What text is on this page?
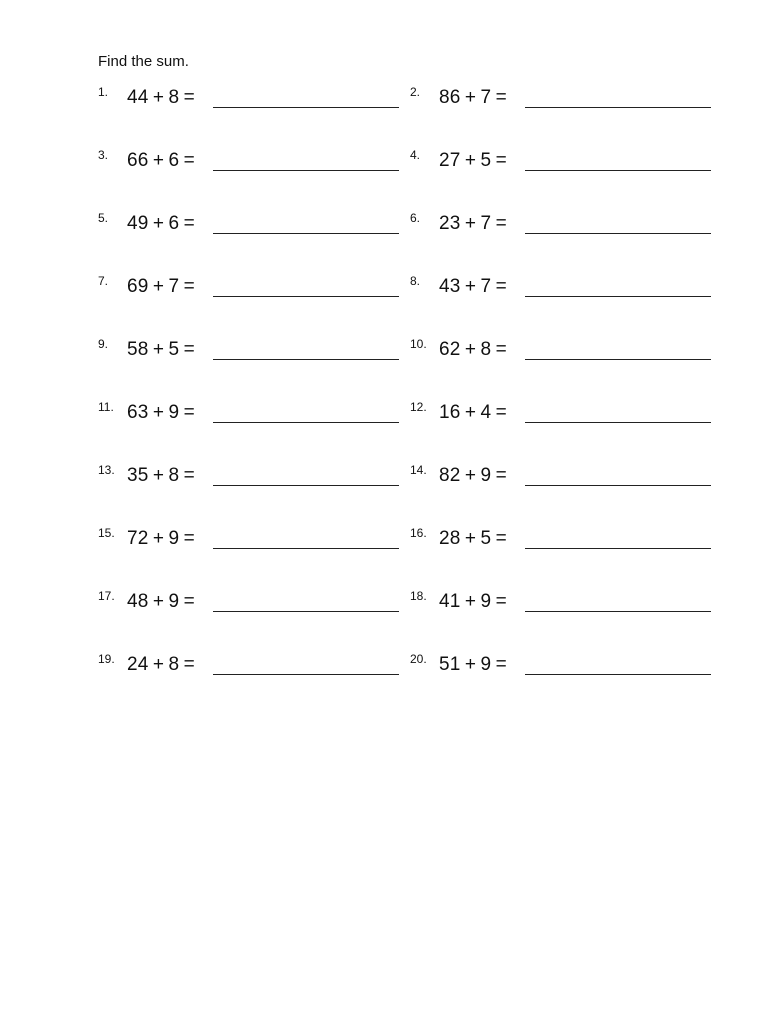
Find the sum.
1. 44 + 8 =
3. 66 + 6 =
5. 49 + 6 =
7. 69 + 7 =
9. 58 + 5 =
11. 63 + 9 =
13. 35 + 8 =
15. 72 + 9 =
17. 48 + 9 =
19. 24 + 8 =
2. 86 + 7 =
4. 27 + 5 =
6. 23 + 7 =
8. 43 + 7 =
10. 62 + 8 =
12. 16 + 4 =
14. 82 + 9 =
16. 28 + 5 =
18. 41 + 9 =
20. 51 + 9 =
